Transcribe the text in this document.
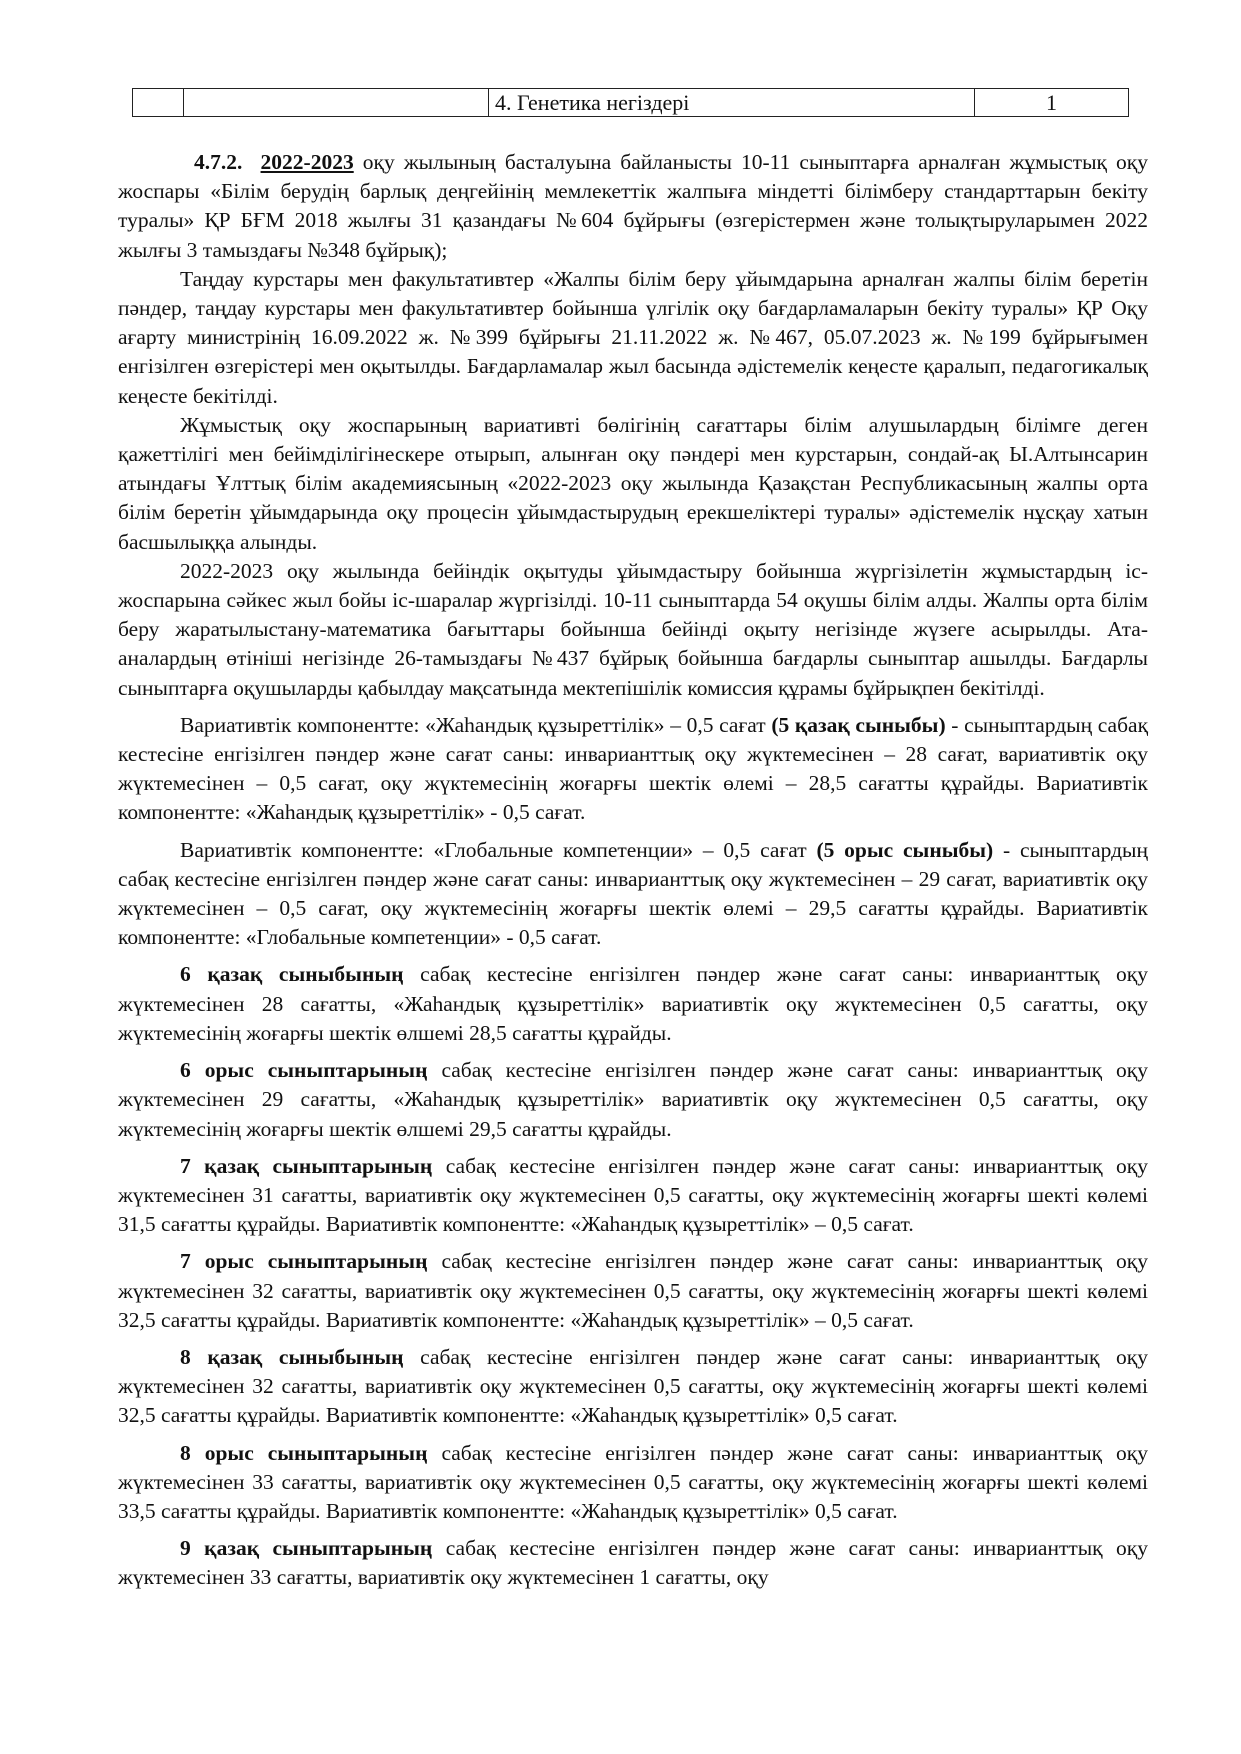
		4. Генетика негіздері	1

4.7.2. 2022-2023 оқу жылының басталуына байланысты 10-11 сыныптарға арналған жұмыстық оқу жоспары «Білім берудің барлық деңгейінің мемлекеттік жалпыға міндетті білімберу стандарттарын бекіту туралы» ҚР БҒМ 2018 жылғы 31 қазандағы №604 бұйрығы (өзгерістермен және толықтыруларымен 2022 жылғы 3 тамыздағы №348 бұйрық);

Таңдау курстары мен факультативтер «Жалпы білім беру ұйымдарына арналған жалпы білім беретін пәндер, таңдау курстары мен факультативтер бойынша үлгілік оқу бағдарламаларын бекіту туралы» ҚР Оқу ағарту министрінің 16.09.2022 ж. №399 бұйрығы 21.11.2022 ж. №467, 05.07.2023 ж. №199 бұйрығымен енгізілген өзгерістері мен оқытылды. Бағдарламалар жыл басында әдістемелік кеңесте қаралып, педагогикалық кеңесте бекітілді.

Жұмыстық оқу жоспарының вариативті бөлігінің сағаттары білім алушылардың білімге деген қажеттілігі мен бейімділігінескере отырып, алынған оқу пәндері мен курстарын, сондай-ақ Ы.Алтынсарин атындағы Ұлттық білім академиясының «2022-2023 оқу жылында Қазақстан Республикасының жалпы орта білім беретін ұйымдарында оқу процесін ұйымдастырудың ерекшеліктері туралы» әдістемелік нұсқау хатын басшылыққа алынды.

2022-2023 оқу жылында бейіндік оқытуды ұйымдастыру бойынша жүргізілетін жұмыстардың іс-жоспарына сәйкес жыл бойы іс-шаралар жүргізілді. 10-11 сыныптарда 54 оқушы білім алды. Жалпы орта білім беру жаратылыстану-математика бағыттары бойынша бейінді оқыту негізінде жүзеге асырылды. Ата-аналардың өтініші негізінде 26-тамыздағы №437 бұйрық бойынша бағдарлы сыныптар ашылды. Бағдарлы сыныптарға оқушыларды қабылдау мақсатында мектепішілік комиссия құрамы бұйрықпен бекітілді.

Вариативтік компонентте: «Жаһандық құзыреттілік» – 0,5 сағат (5 қазақ сыныбы) - сыныптардың сабақ кестесіне енгізілген пәндер және сағат саны: инварианттық оқу жүктемесінен – 28 сағат, вариативтік оқу жүктемесінен – 0,5 сағат, оқу жүктемесінің жоғарғы шектік өлемі – 28,5 сағатты құрайды. Вариативтік компонентте: «Жаһандық құзыреттілік» - 0,5 сағат.

Вариативтік компонентте: «Глобальные компетенции» – 0,5 сағат (5 орыс сыныбы) - сыныптардың сабақ кестесіне енгізілген пәндер және сағат саны: инварианттық оқу жүктемесінен – 29 сағат, вариативтік оқу жүктемесінен – 0,5 сағат, оқу жүктемесінің жоғарғы шектік өлемі – 29,5 сағатты құрайды. Вариативтік компонентте: «Глобальные компетенции» - 0,5 сағат.

6 қазақ сыныбының сабақ кестесіне енгізілген пәндер және сағат саны: инварианттық оқу жүктемесінен 28 сағатты, «Жаһандық құзыреттілік» вариативтік оқу жүктемесінен 0,5 сағатты, оқу жүктемесінің жоғарғы шектік өлшемі 28,5 сағатты құрайды.

6 орыс сыныптарының сабақ кестесіне енгізілген пәндер және сағат саны: инварианттық оқу жүктемесінен 29 сағатты, «Жаһандық құзыреттілік» вариативтік оқу жүктемесінен 0,5 сағатты, оқу жүктемесінің жоғарғы шектік өлшемі 29,5 сағатты құрайды.

7 қазақ сыныптарының сабақ кестесіне енгізілген пәндер және сағат саны: инварианттық оқу жүктемесінен 31 сағатты, вариативтік оқу жүктемесінен 0,5 сағатты, оқу жүктемесінің жоғарғы шекті көлемі 31,5 сағатты құрайды. Вариативтік компонентте: «Жаһандық құзыреттілік» – 0,5 сағат.

7 орыс сыныптарының сабақ кестесіне енгізілген пәндер және сағат саны: инварианттық оқу жүктемесінен 32 сағатты, вариативтік оқу жүктемесінен 0,5 сағатты, оқу жүктемесінің жоғарғы шекті көлемі 32,5 сағатты құрайды. Вариативтік компонентте: «Жаһандық құзыреттілік» – 0,5 сағат.

8 қазақ сыныбының сабақ кестесіне енгізілген пәндер және сағат саны: инварианттық оқу жүктемесінен 32 сағатты, вариативтік оқу жүктемесінен 0,5 сағатты, оқу жүктемесінің жоғарғы шекті көлемі 32,5 сағатты құрайды. Вариативтік компонентте: «Жаһандық құзыреттілік» 0,5 сағат.

8 орыс сыныптарының сабақ кестесіне енгізілген пәндер және сағат саны: инварианттық оқу жүктемесінен 33 сағатты, вариативтік оқу жүктемесінен 0,5 сағатты, оқу жүктемесінің жоғарғы шекті көлемі 33,5 сағатты құрайды. Вариативтік компонентте: «Жаһандық құзыреттілік» 0,5 сағат.

9 қазақ сыныптарының сабақ кестесіне енгізілген пәндер және сағат саны: инварианттық оқу жүктемесінен 33 сағатты, вариативтік оқу жүктемесінен 1 сағатты, оқу
